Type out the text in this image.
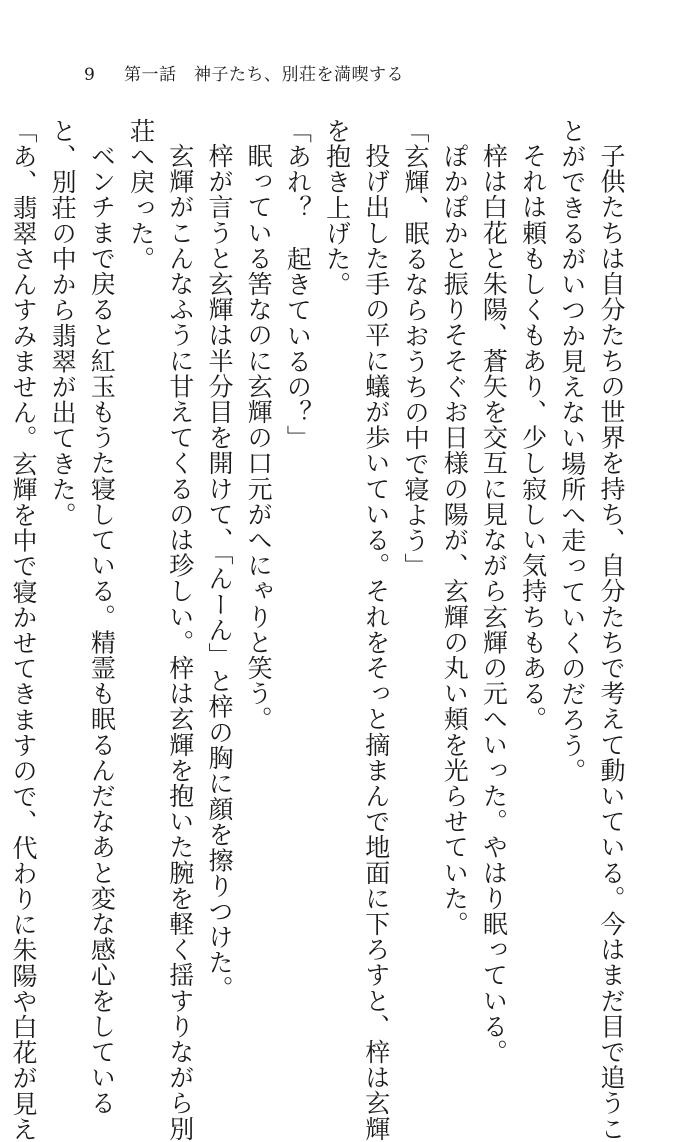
9 第一話　神子たち、別荘を満喫する

子供たちは自分たちの世界を持ち、自分たちで考えて動いている。今はまだ目で追うこ

とができるがいつか見えない場所へ走っていくのだろう。

それは頼もしくもあり、少し寂しい気持ちもある。

梓は白花と朱陽、蒼矢を交互に見ながら玄輝の元へいった。やはり眠っている。

ぽかぽかと振りそそぐお日様の陽が、玄輝の丸い頬を光らせていた。

「玄輝、眠るならおうちの中で寝よう」

投げ出した手の平に蟻が歩いている。それをそっと摘まんで地面に下ろすと、梓は玄輝

を抱き上げた。

「あれ？　起きているの？」

眠っている筈なのに玄輝の口元がへにゃりと笑う。

梓が言うと玄輝は半分目を開けて、「んーん」と梓の胸に顔を擦りつけた。

玄輝がこんなふうに甘えてくるのは珍しい。梓は玄輝を抱いた腕を軽く揺すりながら別

荘へ戻った。

ベンチまで戻ると紅玉もうた寝している。精霊も眠るんだなあと変な感心をしている

と、別荘の中から翡翠が出てきた。

「あ、翡翠さんすみません。玄輝を中で寝かせてきますので、代わりに朱陽や白花が見え
